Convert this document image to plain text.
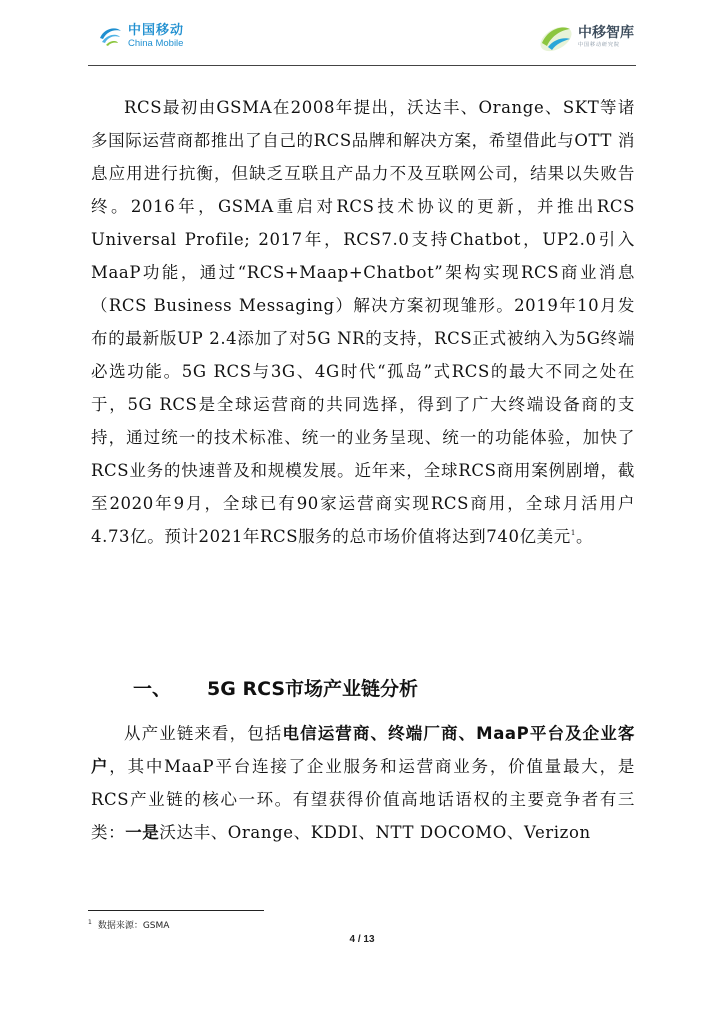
中国移动
China Mobile
中移智库
中国移动研究院

RCS最初由GSMA在2008年提出，沃达丰、Orange、SKT等诸多国际运营商都推出了自己的RCS品牌和解决方案，希望借此与OTT 消息应用进行抗衡，但缺乏互联且产品力不及互联网公司，结果以失败告终。2016年，GSMA重启对RCS技术协议的更新，并推出RCS Universal Profile; 2017年，RCS7.0支持Chatbot，UP2.0引入MaaP功能，通过“RCS+Maap+Chatbot”架构实现RCS商业消息（RCS Business Messaging）解决方案初现雏形。2019年10月发布的最新版UP 2.4添加了对5G NR的支持，RCS正式被纳入为5G终端必选功能。5G RCS与3G、4G时代“孤岛”式RCS的最大不同之处在于，5G RCS是全球运营商的共同选择，得到了广大终端设备商的支持，通过统一的技术标准、统一的业务呈现、统一的功能体验，加快了RCS业务的快速普及和规模发展。近年来，全球RCS商用案例剧增，截至2020年9月，全球已有90家运营商实现RCS商用，全球月活用户4.73亿。预计2021年RCS服务的总市场价值将达到740亿美元$^1$。

一、 5G RCS市场产业链分析

从产业链来看，包括电信运营商、终端厂商、MaaP平台及企业客户，其中MaaP平台连接了企业服务和运营商业务，价值量最大，是RCS产业链的核心一环。有望获得价值高地话语权的主要竞争者有三类：一是沃达丰、Orange、KDDI、NTT DOCOMO、Verizon

$^1$ 数据来源：GSMA
4 / 13
